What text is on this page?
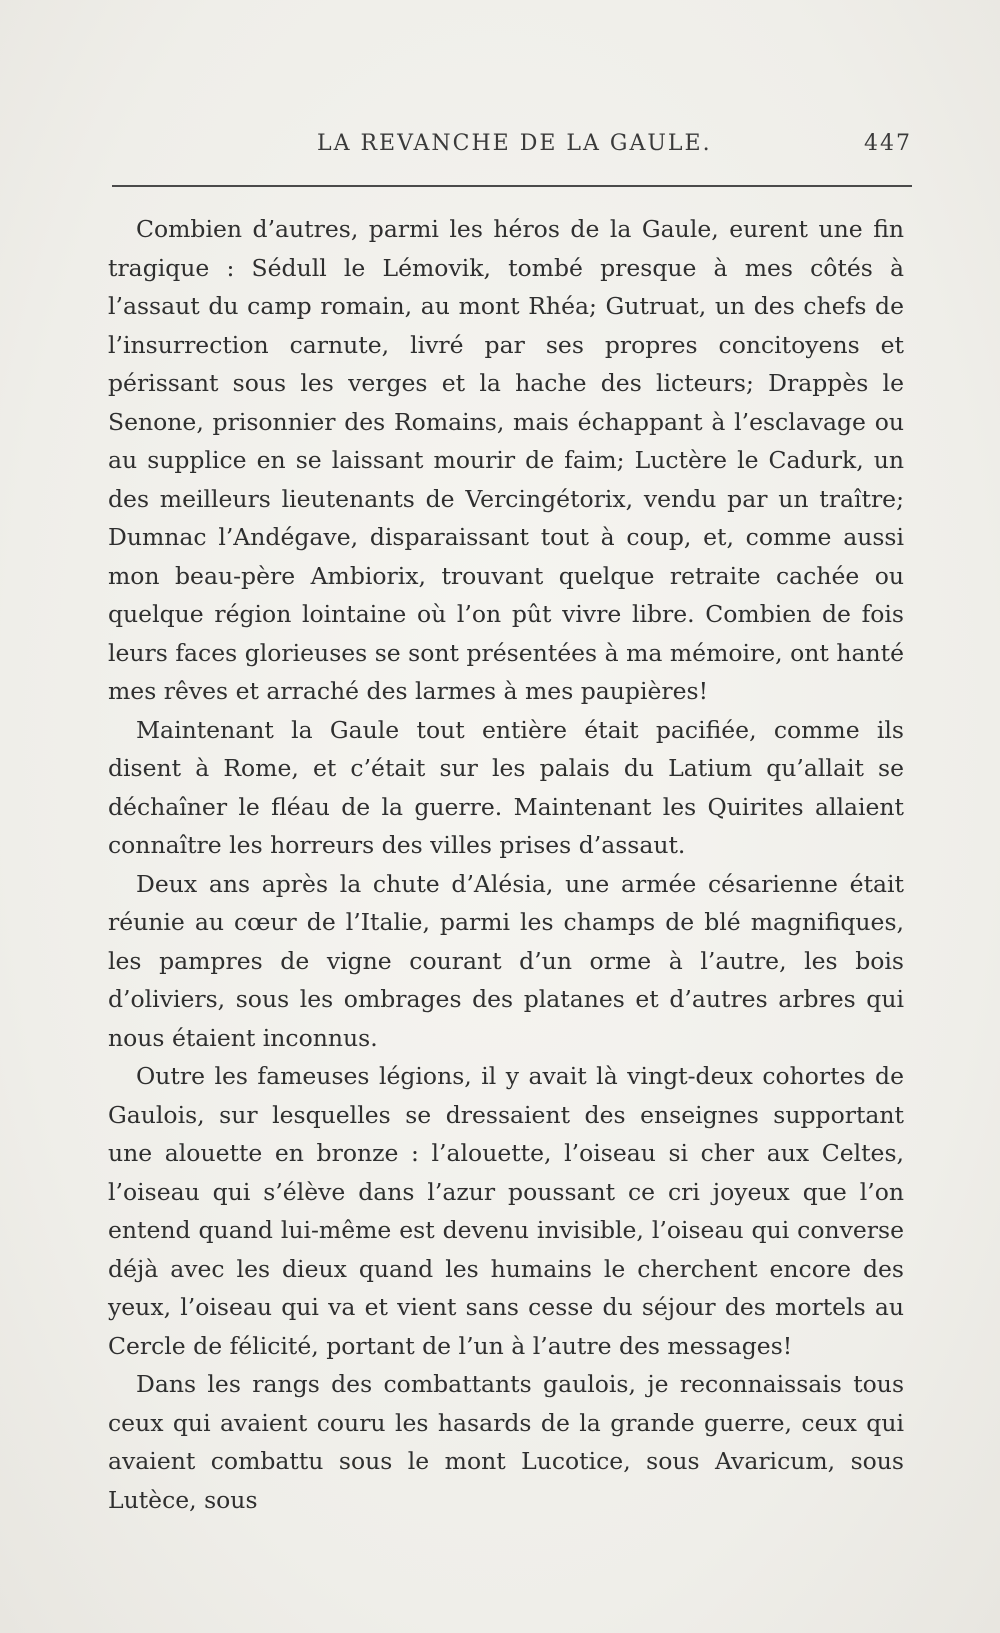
LA REVANCHE DE LA GAULE.	447

Combien d’autres, parmi les héros de la Gaule, eurent une fin tragique : Sédull le Lémovik, tombé presque à mes côtés à l’assaut du camp romain, au mont Rhéa; Gutruat, un des chefs de l’insurrection carnute, livré par ses propres concitoyens et périssant sous les verges et la hache des licteurs; Drappès le Senone, prisonnier des Romains, mais échappant à l’esclavage ou au supplice en se laissant mourir de faim; Luctère le Cadurk, un des meilleurs lieutenants de Vercingétorix, vendu par un traître; Dumnac l’Andégave, disparaissant tout à coup, et, comme aussi mon beau-père Ambiorix, trouvant quelque retraite cachée ou quelque région lointaine où l’on pût vivre libre. Combien de fois leurs faces glorieuses se sont présentées à ma mémoire, ont hanté mes rêves et arraché des larmes à mes paupières!

Maintenant la Gaule tout entière était pacifiée, comme ils disent à Rome, et c’était sur les palais du Latium qu’allait se déchaîner le fléau de la guerre. Maintenant les Quirites allaient connaître les horreurs des villes prises d’assaut.

Deux ans après la chute d’Alésia, une armée césarienne était réunie au cœur de l’Italie, parmi les champs de blé magnifiques, les pampres de vigne courant d’un orme à l’autre, les bois d’oliviers, sous les ombrages des platanes et d’autres arbres qui nous étaient inconnus.

Outre les fameuses légions, il y avait là vingt-deux cohortes de Gaulois, sur lesquelles se dressaient des enseignes supportant une alouette en bronze : l’alouette, l’oiseau si cher aux Celtes, l’oiseau qui s’élève dans l’azur poussant ce cri joyeux que l’on entend quand lui-même est devenu invisible, l’oiseau qui converse déjà avec les dieux quand les humains le cherchent encore des yeux, l’oiseau qui va et vient sans cesse du séjour des mortels au Cercle de félicité, portant de l’un à l’autre des messages!

Dans les rangs des combattants gaulois, je reconnaissais tous ceux qui avaient couru les hasards de la grande guerre, ceux qui avaient combattu sous le mont Lucotice, sous Avaricum, sous Lutèce, sous
